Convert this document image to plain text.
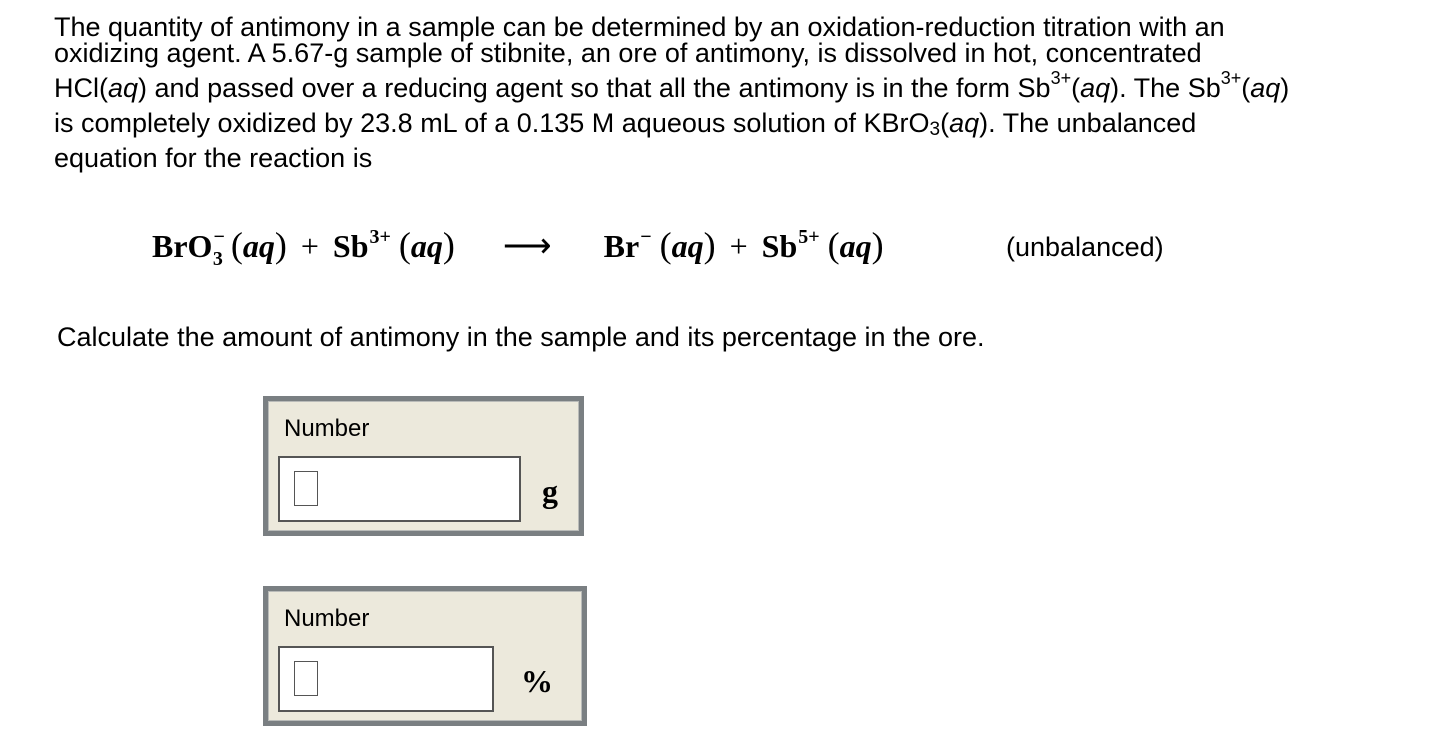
The quantity of antimony in a sample can be determined by an oxidation-reduction titration with an
oxidizing agent. A 5.67-g sample of stibnite, an ore of antimony, is dissolved in hot, concentrated
HCl(aq) and passed over a reducing agent so that all the antimony is in the form $Sb^{3+}(aq)$. The $Sb^{3+}(aq)$
is completely oxidized by 23.8 mL of a 0.135 M aqueous solution of KBrO$_3$(aq). The unbalanced
equation for the reaction is
BrO−3 (aq) + Sb3+ (aq) ⟶ Br− (aq) + Sb5+ (aq)	(unbalanced)

Calculate the amount of antimony in the sample and its percentage in the ore.

Number
g
Number
%
